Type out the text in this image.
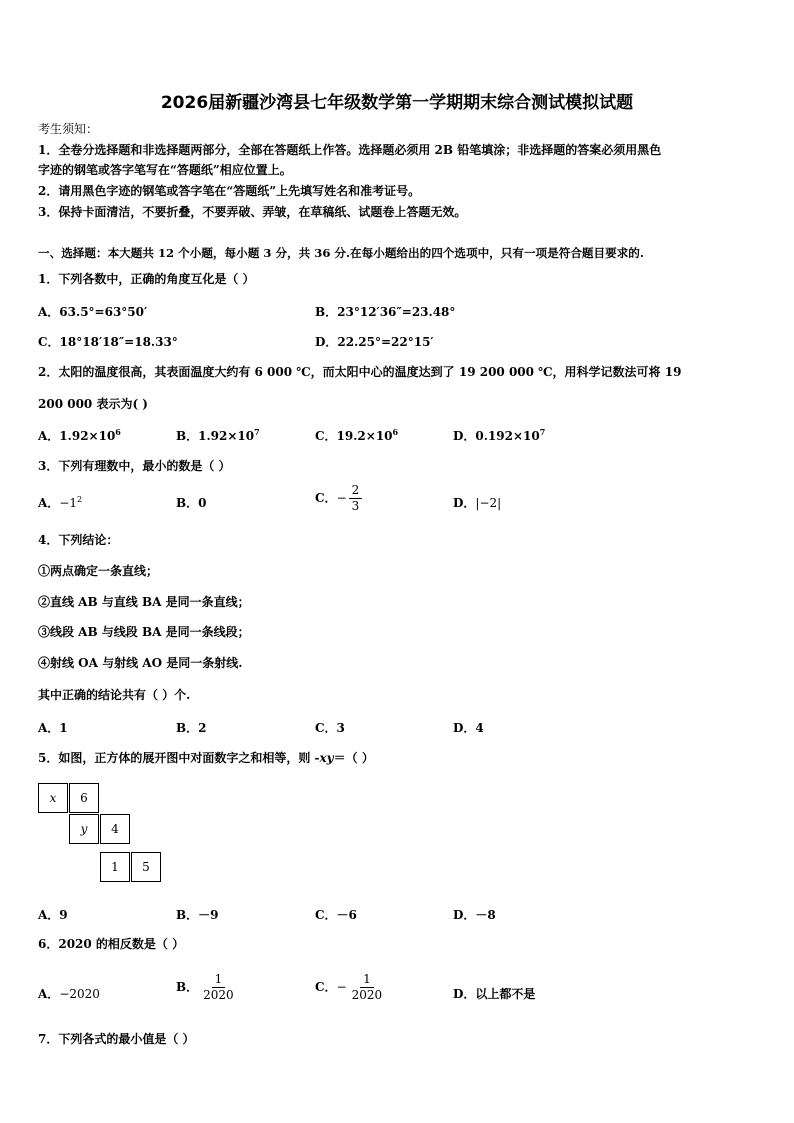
2026届新疆沙湾县七年级数学第一学期期末综合测试模拟试题
考生须知：
1．全卷分选择题和非选择题两部分，全部在答题纸上作答。选择题必须用 2B 铅笔填涂；非选择题的答案必须用黑色
字迹的钢笔或答字笔写在“答题纸”相应位置上。
2．请用黑色字迹的钢笔或答字笔在“答题纸”上先填写姓名和准考证号。
3．保持卡面清洁，不要折叠，不要弄破、弄皱，在草稿纸、试题卷上答题无效。
一、选择题：本大题共 12 个小题，每小题 3 分，共 36 分.在每小题给出的四个选项中，只有一项是符合题目要求的.
1．下列各数中，正确的角度互化是（ ）
A．63.5°=63°50′	B．23°12′36″=23.48°
C．18°18′18″=18.33°	D．22.25°=22°15′
2．太阳的温度很高，其表面温度大约有 6 000 ℃，而太阳中心的温度达到了 19 200 000 ℃，用科学记数法可将 19
200 000 表示为( )
A．$1.92\times 10^6$	B．$1.92\times 10^7$	C．$19.2\times 10^6$	D．$0.192\times 10^7$
3．下列有理数中，最小的数是（ ）
A．$-1^2$	B．0	C．− $\frac{2}{3}$	D．|−2|
4．下列结论：
①两点确定一条直线；
②直线 AB 与直线 BA 是同一条直线；
③线段 AB 与线段 BA 是同一条线段；
④射线 OA 与射线 AO 是同一条射线.
其中正确的结论共有（ ）个.
A．1	B．2	C．3	D．4
5．如图，正方体的展开图中对面数字之和相等，则 -xy＝（ ）
x	6
y	4
1	5
A．9	B．－9	C．－6	D．－8
6．2020 的相反数是（ ）
A．−2020	B． $\frac{1}{2020}$	C．− $\frac{1}{2020}$	D．以上都不是
7．下列各式的最小值是（ ）
